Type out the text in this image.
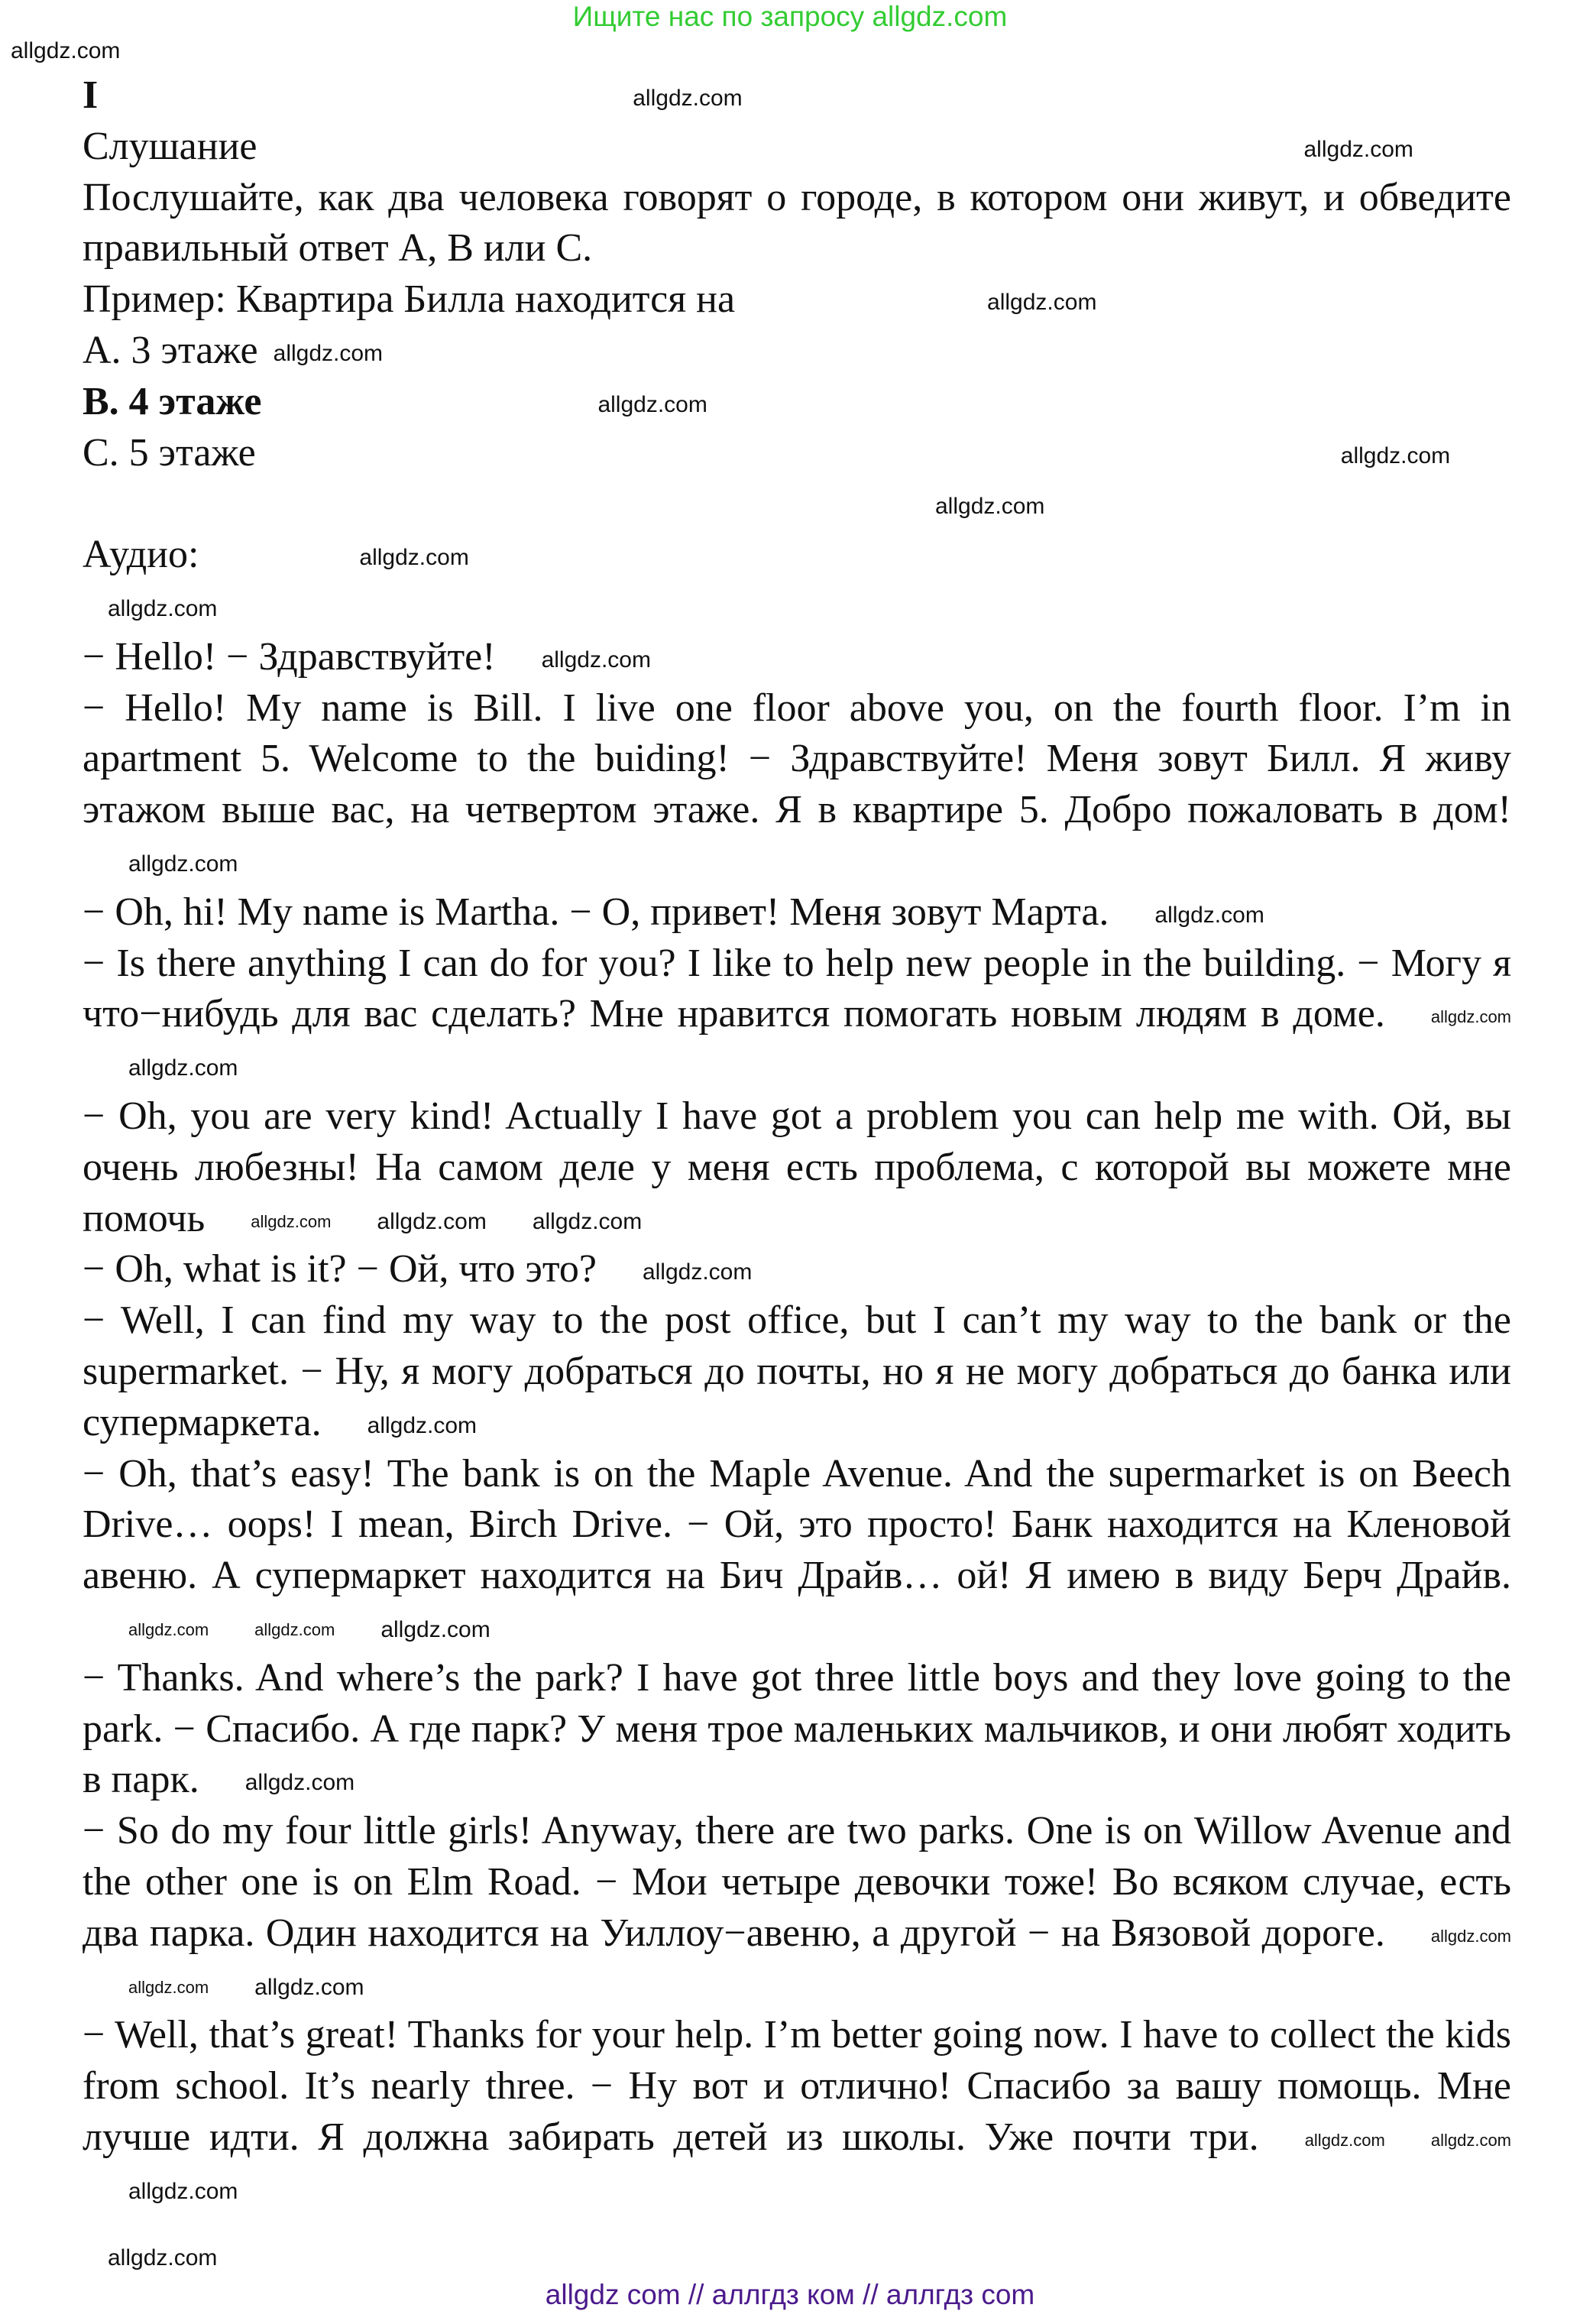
Ищите нас по запросу allgdz.com
allgdz.com

I	allgdz.com

Слушание	allgdz.com

Послушайте, как два человека говорят о городе, в котором они живут, и обведите правильный ответ A, B или C.

Пример: Квартира Билла находится на	allgdz.com

A. 3 этаже allgdz.com

B. 4 этаже	allgdz.com

C. 5 этаже	allgdz.com

allgdz.com

Аудио:	allgdz.com

allgdz.com

− Hello! − Здравствуйте! allgdz.com

− Hello! My name is Bill. I live one floor above you, on the fourth floor. I’m in apartment 5. Welcome to the buiding! − Здравствуйте! Меня зовут Билл. Я живу этажом выше вас, на четвертом этаже. Я в квартире 5. Добро пожаловать в дом!allgdz.com

− Oh, hi! My name is Martha. − О, привет! Меня зовут Марта. allgdz.com

− Is there anything I can do for you? I like to help new people in the building. − Могу я что−нибудь для вас сделать? Мне нравится помогать новым людям в доме.	allgdz.comallgdz.com

− Oh, you are very kind! Actually I have got a problem you can help me with. Ой, вы очень любезны! На самом деле у меня есть проблема, с которой вы можете мне помочь	allgdz.com allgdz.com allgdz.com

− Oh, what is it? − Ой, что это? allgdz.com

− Well, I can find my way to the post office, but I can’t my way to the bank or the supermarket. − Ну, я могу добраться до почты, но я не могу добраться до банка или супермаркета. allgdz.com

− Oh, that’s easy! The bank is on the Maple Avenue. And the supermarket is on Beech Drive… oops! I mean, Birch Drive. − Ой, это просто! Банк находится на Кленовой авеню. А супермаркет находится на Бич Драйв… ой! Я имею в виду Берч Драйв.allgdz.com	allgdz.com allgdz.com

− Thanks. And where’s the park? I have got three little boys and they love going to the park. − Спасибо. А где парк? У меня трое маленьких мальчиков, и они любят ходить в парк. allgdz.com

− So do my four little girls! Anyway, there are two parks. One is on Willow Avenue and the other one is on Elm Road. − Мои четыре девочки тоже! Во всяком случае, есть два парка. Один находится на Уиллоу−авеню, а другой − на Вязовой дороге.	allgdz.comallgdz.com allgdz.com

− Well, that’s great! Thanks for your help. I’m better going now. I have to collect the kids from school. It’s nearly three. − Ну вот и отлично! Спасибо за вашу помощь. Мне лучше идти. Я должна забирать детей из школы. Уже почти три.	allgdz.com	allgdz.comallgdz.com

allgdz.com
allgdz com // аллгдз ком // аллгдз com
